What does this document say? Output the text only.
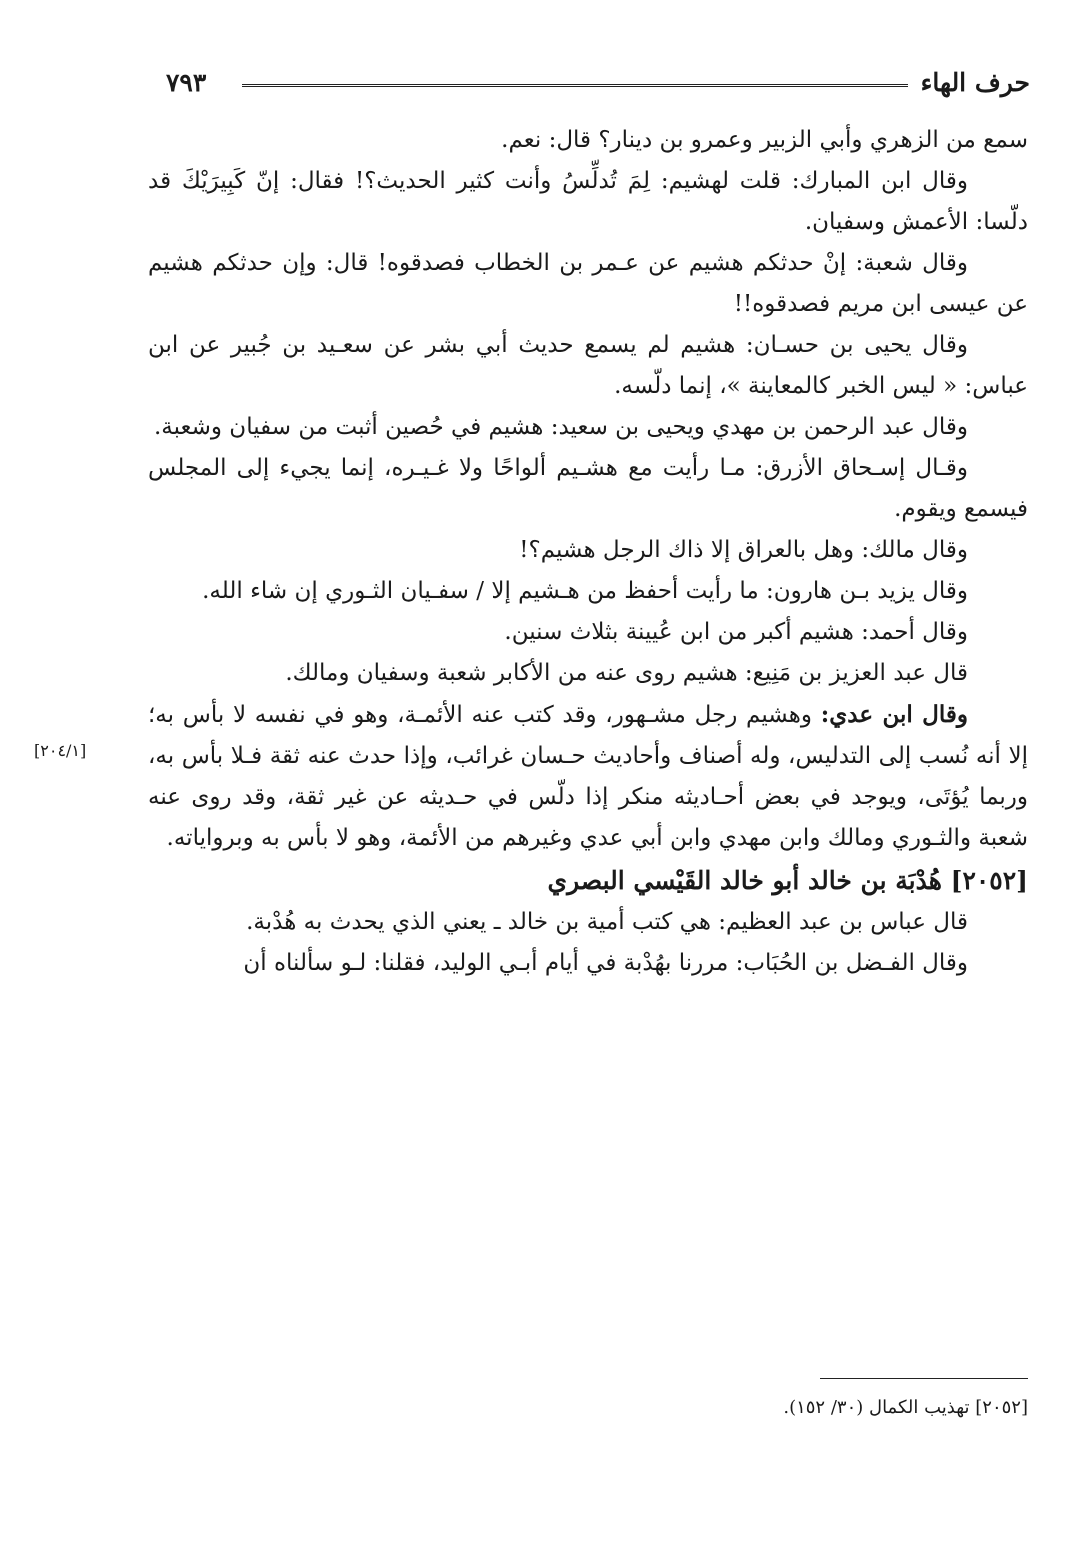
حرف الهاء
٧٩٣
[٢٠٤/١]

سمع من الزهري وأبي الزبير وعمرو بن دينار؟ قال: نعم.

وقال ابن المبارك: قلت لهشيم: لِمَ تُدلِّسُ وأنت كثير الحديث؟! فقال: إنّ كَبِيرَيْكَ قد دلّسا: الأعمش وسفيان.

وقال شعبة: إنْ حدثكم هشيم عن عـمر بن الخطاب فصدقوه! قال: وإن حدثكم هشيم عن عيسى ابن مريم فصدقوه!!

وقال يحيى بن حسـان: هشيم لم يسمع حديث أبي بشر عن سعـيد بن جُبير عن ابن عباس: « ليس الخبر كالمعاينة »، إنما دلّسه.

وقال عبد الرحمن بن مهدي ويحيى بن سعيد: هشيم في حُصين أثبت من سفيان وشعبة.

وقـال إسـحاق الأزرق: مـا رأيت مع هشـيم ألواحًا ولا غـيـره، إنما يجيء إلى المجلس فيسمع ويقوم.

وقال مالك: وهل بالعراق إلا ذاك الرجل هشيم؟!

وقال يزيد بـن هارون: ما رأيت أحفظ من هـشيم إلا / سفـيان الثـوري إن شاء الله.

وقال أحمد: هشيم أكبر من ابن عُيينة بثلاث سنين.

قال عبد العزيز بن مَنِيع: هشيم روى عنه من الأكابر شعبة وسفيان ومالك.

وقال ابن عدي: وهشيم رجل مشـهور، وقد كتب عنه الأئمـة، وهو في نفسه لا بأس به؛ إلا أنه نُسب إلى التدليس، وله أصناف وأحاديث حـسان غرائب، وإذا حدث عنه ثقة فـلا بأس به، وربما يُؤتَى، ويوجد في بعض أحـاديثه منكر إذا دلّس في حـديثه عن غير ثقة، وقد روى عنه شعبة والثـوري ومالك وابن مهدي وابن أبي عدي وغيرهم من الأئمة، وهو لا بأس به وبرواياته.

[٢٠٥٢] هُدْبَة بن خالد أبو خالد القَيْسي البصري

قال عباس بن عبد العظيم: هي كتب أمية بن خالد ـ يعني الذي يحدث به هُدْبة.

وقال الفـضل بن الحُبَاب: مررنا بهُدْبة في أيام أبـي الوليد، فقلنا: لـو سألناه أن

[٢٠٥٢] تهذيب الكمال (٣٠/ ١٥٢).
